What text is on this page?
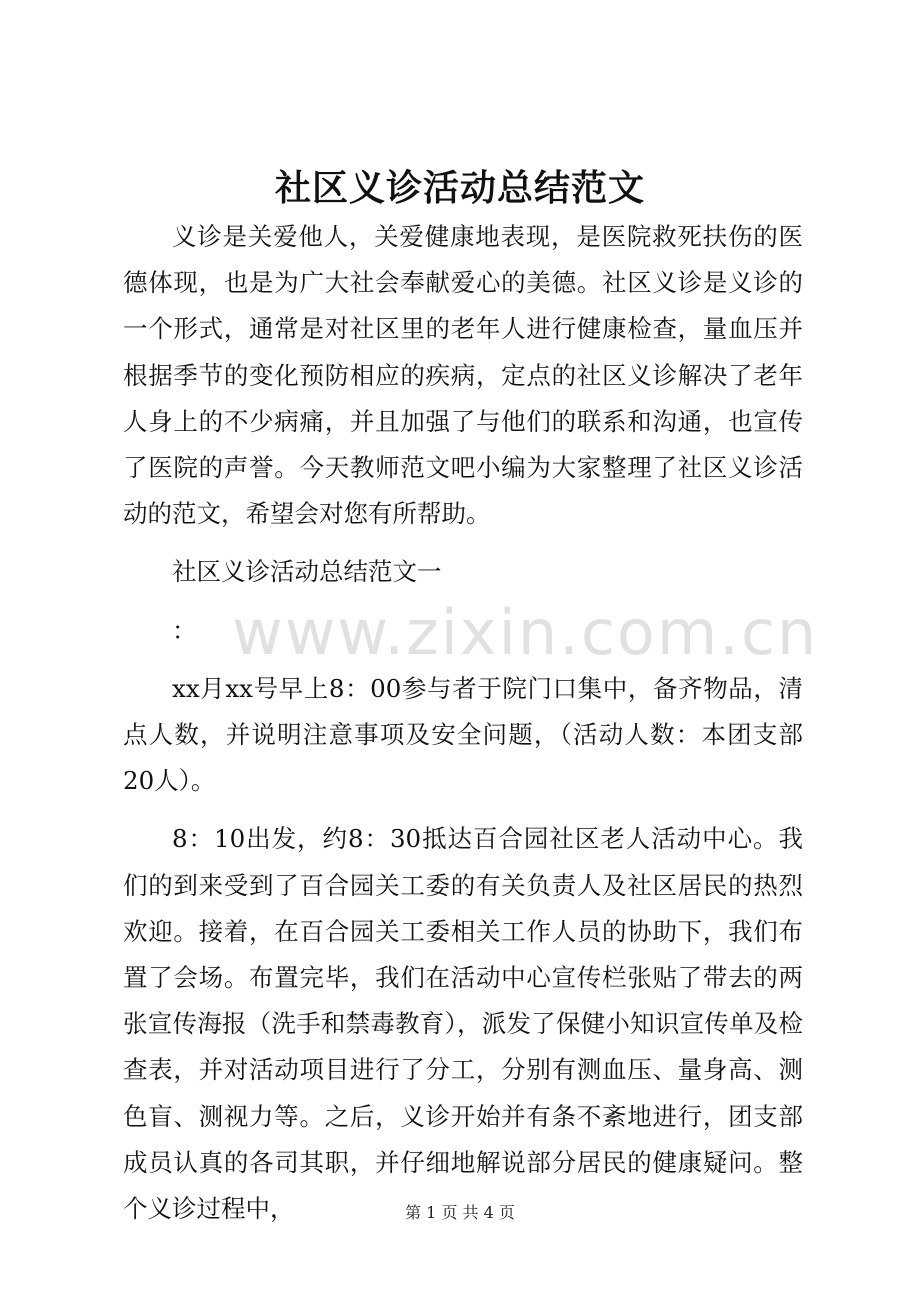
社区义诊活动总结范文

义诊是关爱他人，关爱健康地表现，是医院救死扶伤的医德体现，也是为广大社会奉献爱心的美德。社区义诊是义诊的一个形式，通常是对社区里的老年人进行健康检查，量血压并根据季节的变化预防相应的疾病，定点的社区义诊解决了老年人身上的不少病痛，并且加强了与他们的联系和沟通，也宣传了医院的声誉。今天教师范文吧小编为大家整理了社区义诊活动的范文，希望会对您有所帮助。

社区义诊活动总结范文一

：

xx月xx号早上8：00参与者于院门口集中，备齐物品，清点人数，并说明注意事项及安全问题，（活动人数：本团支部20人）。

8：10出发，约8：30抵达百合园社区老人活动中心。我们的到来受到了百合园关工委的有关负责人及社区居民的热烈欢迎。接着，在百合园关工委相关工作人员的协助下，我们布置了会场。布置完毕，我们在活动中心宣传栏张贴了带去的两张宣传海报（洗手和禁毒教育），派发了保健小知识宣传单及检查表，并对活动项目进行了分工，分别有测血压、量身高、测色盲、测视力等。之后，义诊开始并有条不紊地进行，团支部成员认真的各司其职，并仔细地解说部分居民的健康疑问。整个义诊过程中，

www.zixin.com.cn
第 1 页 共 4 页
